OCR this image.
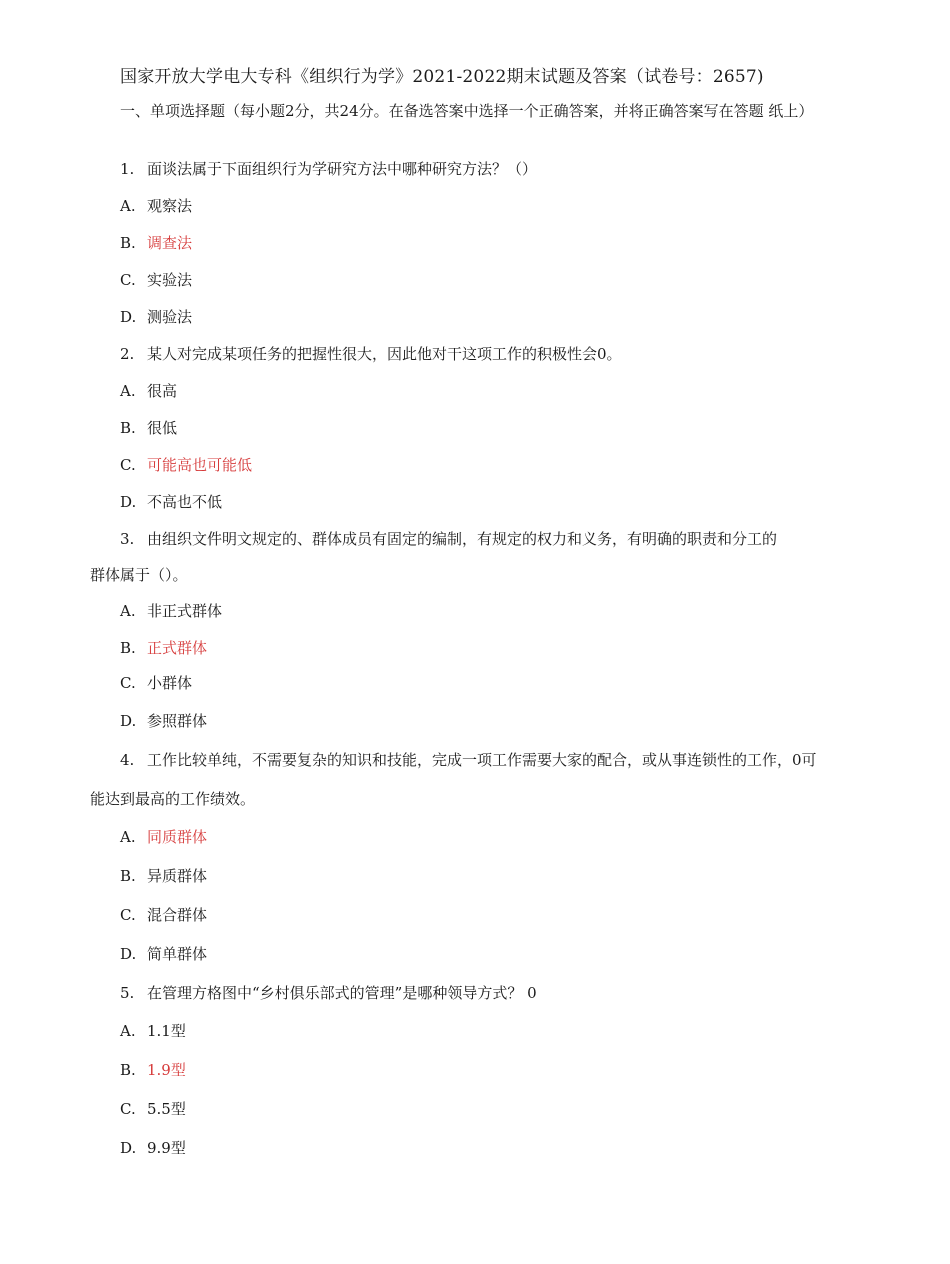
国家开放大学电大专科《组织行为学》2021-2022期末试题及答案（试卷号：2657)
一、单项选择题（每小题2分，共24分。在备选答案中选择一个正确答案，并将正确答案写在答题 纸上）
1. 面谈法属于下面组织行为学研究方法中哪种研究方法？（）
A. 观察法
B. 调查法
C. 实验法
D. 测验法
2. 某人对完成某项任务的把握性很大，因此他对干这项工作的积极性会0。
A. 很高
B. 很低
C. 可能高也可能低
D. 不高也不低
3. 由组织文件明文规定的、群体成员有固定的编制，有规定的权力和义务，有明确的职责和分工的
群体属于（）。
A. 非正式群体
B. 正式群体
C. 小群体
D. 参照群体
4. 工作比较单纯，不需要复杂的知识和技能，完成一项工作需要大家的配合，或从事连锁性的工作，0可
能达到最高的工作绩效。
A. 同质群体
B. 异质群体
C. 混合群体
D. 简单群体
5. 在管理方格图中“乡村俱乐部式的管理”是哪种领导方式？ 0
A. 1.1型
B. 1.9型
C. 5.5型
D. 9.9型
